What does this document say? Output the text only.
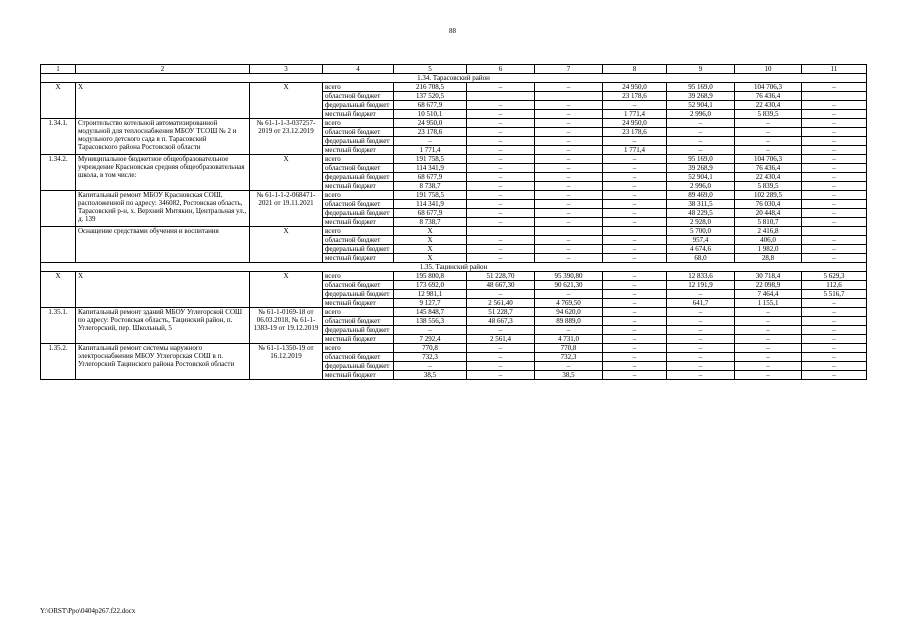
88
1	2	3	4	5	6	7	8	9	10	11
1.34. Тарасовский район										
X	X	X	всего	216 708,5	–	–	24 950,0	95 169,0	104 706,3	–
			областной бюджет	137 520,5			23 178,6	39 268,9	76 436,4	
			федеральный бюджет	68 677,9	–	–	–	52 904,1	22 430,4	–
			местный бюджет	10 510,1	–	–	1 771,4	2 996,0	5 839,5	–
1.34.1.	Строительство котельной автоматизированной модульной для теплоснабжения МБОУ ТСОШ № 2 и модульного детского сада в п. Тарасовский Тарасовского района Ростовской области	№ 61-1-1-3-037257-2019 от 23.12.2019	всего	24 950,0	–	–	24 950,0	–	–	–
			областной бюджет	23 178,6	–	–	23 178,6	–	–	–
			федеральный бюджет	–	–	–	–	–	–	–
			местный бюджет	1 771,4	–	–	1 771,4	–	–	–
1.34.2.	Муниципальное бюджетное общеобразовательное учреждение Красновская средняя общеобразовательная школа, в том числе:	X	всего	191 758,5	–	–	–	95 169,0	104 706,3	–
			областной бюджет	114 341,9	–	–	–	39 268,9	76 436,4	–
			федеральный бюджет	68 677,9	–	–	–	52 904,1	22 430,4	–
			местный бюджет	8 738,7	–	–	–	2 996,0	5 839,5	–
	Капитальный ремонт МБОУ Красновская СОШ, расположенной по адресу: 346082, Ростовская область, Тарасовский р-н, х. Верхний Митякин, Центральная ул., д. 139	№ 61-1-1-2-068471-2021 от 19.11.2021	всего	191 758,5	–	–	–	89 469,0	102 289,5	–
			областной бюджет	114 341,9	–	–	–	38 311,5	76 030,4	–
			федеральный бюджет	68 677,9	–	–	–	48 229,5	20 448,4	–
			местный бюджет	8 738,7	–	–	–	2 928,0	5 810,7	–
	Оснащение средствами обучения и воспитания	X	всего	X				5 700,0	2 416,8	
			областной бюджет	X	–	–	–	957,4	406,0	–
			федеральный бюджет	X	–	–	–	4 674,6	1 982,0	–
			местный бюджет	X	–	–	–	68,0	28,8	–
1.35. Тацинский район										
X	X	X	всего	195 800,8	51 228,70	95 390,80	–	12 833,6	30 718,4	5 629,3
			областной бюджет	173 692,0	48 667,30	90 621,30	–	12 191,9	22 098,9	112,6
			федеральный бюджет	12 981,1	–	–	–	–	7 464,4	5 516,7
			местный бюджет	9 127,7	2 561,40	4 769,50	–	641,7	1 155,1	–
1.35.1.	Капитальный ремонт зданий МБОУ Углегорской СОШ по адресу: Ростовская область, Тацинский район, п. Углегорский, пер. Школьный, 5	№ 61-1-0169-18 от 06.03.2018, № 61-1-1383-19 от 19.12.2019	всего	145 848,7	51 228,7	94 620,0	–	–	–	–
			областной бюджет	138 556,3	48 667,3	89 889,0	–	–	–	–
			федеральный бюджет	–	–	–	–	–	–	–
			местный бюджет	7 292,4	2 561,4	4 731,0	–	–	–	–
1.35.2.	Капитальный ремонт системы наружного электроснабжения МБОУ Углегорская СОШ в п. Углегорский Тацинского района Ростовской области	№ 61-1-1350-19 от 16.12.2019	всего	770,8	–	770,8	–	–	–	–
			областной бюджет	732,3	–	732,3	–	–	–	–
			федеральный бюджет	–	–	–	–	–	–	–
			местный бюджет	38,5	–	38,5	–	–	–	–
Y:\ORST\Ppo\0404p267.f22.docx
